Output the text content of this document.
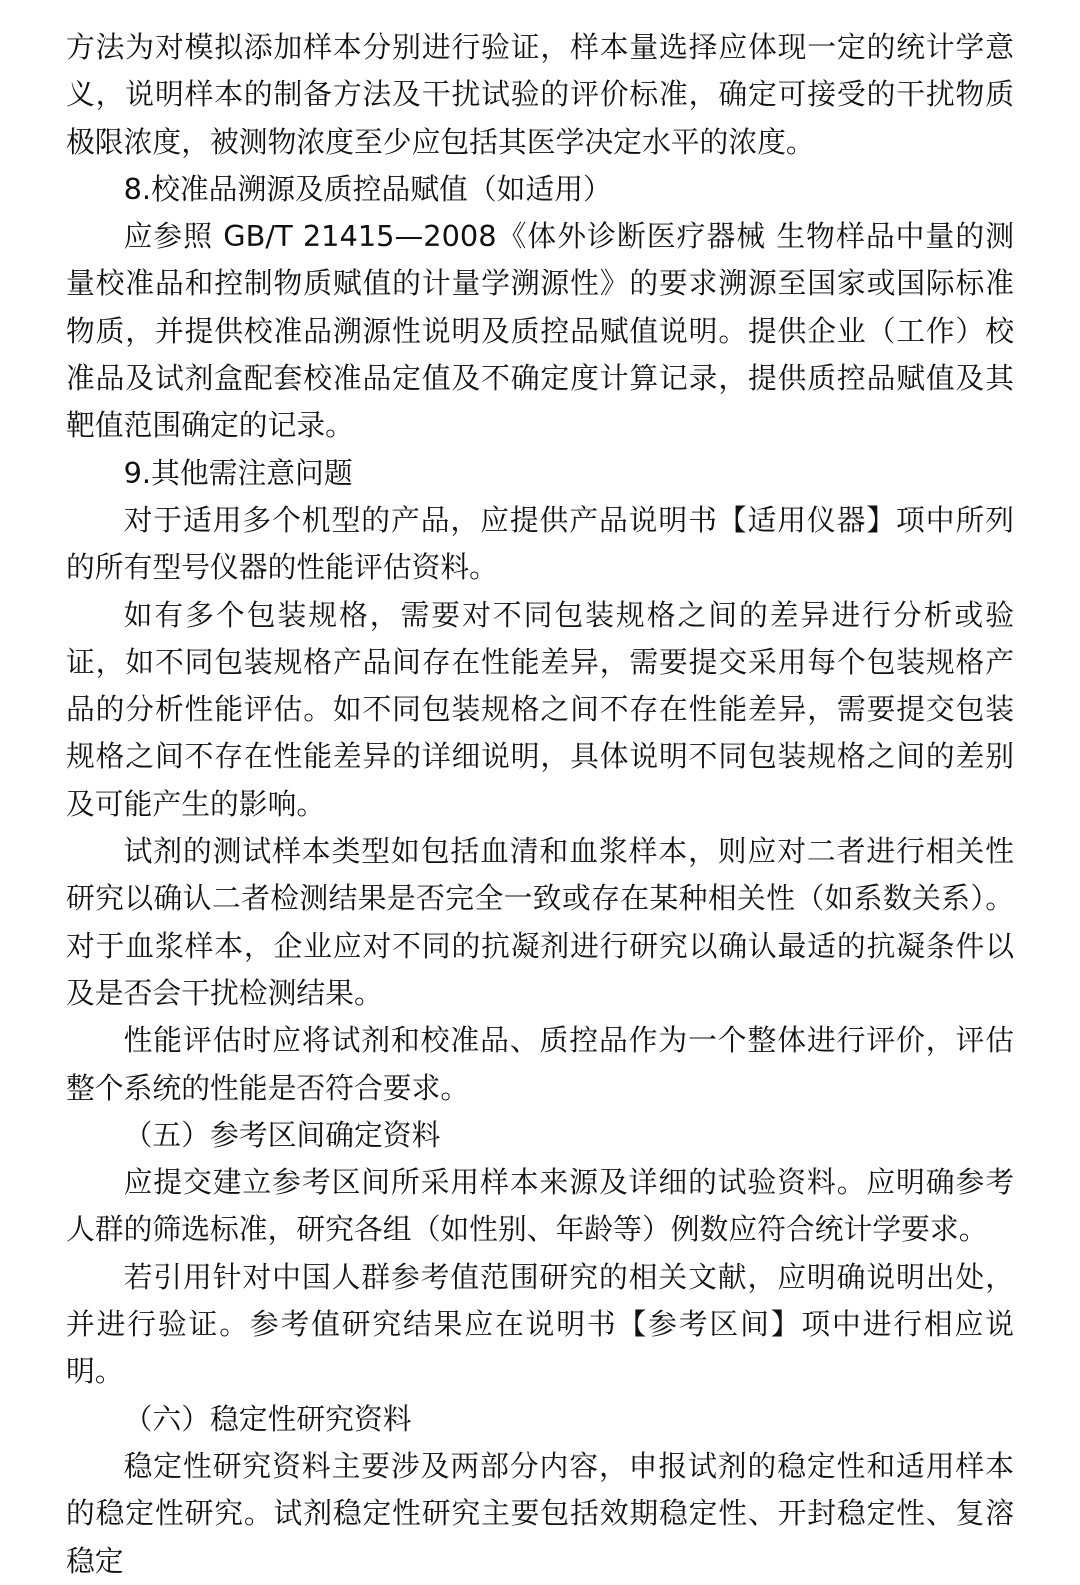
方法为对模拟添加样本分别进行验证，样本量选择应体现一定的统计学意义，说明样本的制备方法及干扰试验的评价标准，确定可接受的干扰物质极限浓度，被测物浓度至少应包括其医学决定水平的浓度。

8.校准品溯源及质控品赋值（如适用）

应参照 GB/T 21415—2008《体外诊断医疗器械 生物样品中量的测量校准品和控制物质赋值的计量学溯源性》的要求溯源至国家或国际标准物质，并提供校准品溯源性说明及质控品赋值说明。提供企业（工作）校准品及试剂盒配套校准品定值及不确定度计算记录，提供质控品赋值及其靶值范围确定的记录。

9.其他需注意问题

对于适用多个机型的产品，应提供产品说明书【适用仪器】项中所列的所有型号仪器的性能评估资料。

如有多个包装规格，需要对不同包装规格之间的差异进行分析或验证，如不同包装规格产品间存在性能差异，需要提交采用每个包装规格产品的分析性能评估。如不同包装规格之间不存在性能差异，需要提交包装规格之间不存在性能差异的详细说明，具体说明不同包装规格之间的差别及可能产生的影响。

试剂的测试样本类型如包括血清和血浆样本，则应对二者进行相关性研究以确认二者检测结果是否完全一致或存在某种相关性（如系数关系）。对于血浆样本，企业应对不同的抗凝剂进行研究以确认最适的抗凝条件以及是否会干扰检测结果。

性能评估时应将试剂和校准品、质控品作为一个整体进行评价，评估整个系统的性能是否符合要求。

（五）参考区间确定资料

应提交建立参考区间所采用样本来源及详细的试验资料。应明确参考人群的筛选标准，研究各组（如性别、年龄等）例数应符合统计学要求。

若引用针对中国人群参考值范围研究的相关文献，应明确说明出处，并进行验证。参考值研究结果应在说明书【参考区间】项中进行相应说明。

（六）稳定性研究资料

稳定性研究资料主要涉及两部分内容，申报试剂的稳定性和适用样本的稳定性研究。试剂稳定性研究主要包括效期稳定性、开封稳定性、复溶稳定
